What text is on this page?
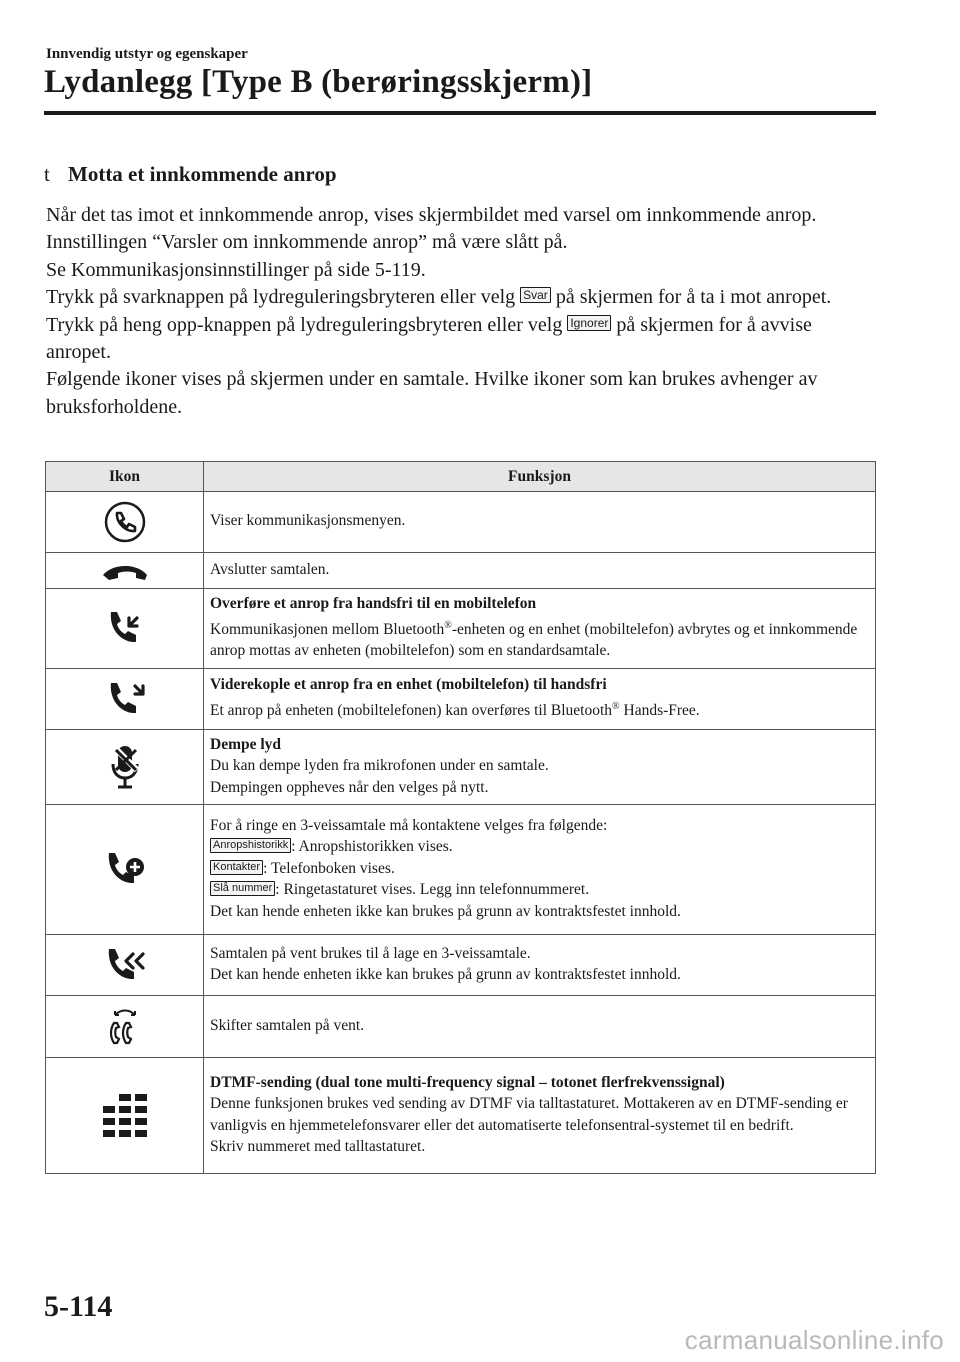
Innvendig utstyr og egenskaper
Lydanlegg [Type B (berøringsskjerm)]
t Motta et innkommende anrop

Når det tas imot et innkommende anrop, vises skjermbildet med varsel om innkommende anrop. Innstillingen “Varsler om innkommende anrop” må være slått på.

Se Kommunikasjonsinnstillinger på side 5-119.

Trykk på svarknappen på lydreguleringsbryteren eller velg Svar på skjermen for å ta i mot anropet.

Trykk på heng opp-knappen på lydreguleringsbryteren eller velg Ignorer på skjermen for å avvise anropet.

Følgende ikoner vises på skjermen under en samtale. Hvilke ikoner som kan brukes avhenger av bruksforholdene.

Ikon	Funksjon

	Viser kommunikasjonsmenyen.

	Avslutter samtalen.

Overføre et anrop fra handsfri til en mobiltelefon
Kommunikasjonen mellom Bluetooth®-enheten og en enhet (mobiltelefon) avbrytes og et innkommende anrop mottas av enheten (mobiltelefon) som en standardsamtale.

Viderekople et anrop fra en enhet (mobiltelefon) til handsfri
Et anrop på enheten (mobiltelefonen) kan overføres til Bluetooth® Hands-Free.

Dempe lyd
Du kan dempe lyden fra mikrofonen under en samtale.
Dempingen oppheves når den velges på nytt.

For å ringe en 3-veissamtale må kontaktene velges fra følgende:
Anropshistorikk : Anropshistorikken vises.
Kontakter : Telefonboken vises.
Slå nummer : Ringetastaturet vises. Legg inn telefonnummeret.
Det kan hende enheten ikke kan brukes på grunn av kontraktsfestet innhold.

Samtalen på vent brukes til å lage en 3-veissamtale.
Det kan hende enheten ikke kan brukes på grunn av kontraktsfestet innhold.

	Skifter samtalen på vent.

DTMF-sending (dual tone multi-frequency signal – totonet flerfrekvenssignal)
Denne funksjonen brukes ved sending av DTMF via talltastaturet. Mottakeren av en DTMF-sending er vanligvis en hjemmetelefonsvarer eller det automatiserte telefonsentral-systemet til en bedrift.
Skriv nummeret med talltastaturet.
5-114
carmanualsonline.info
